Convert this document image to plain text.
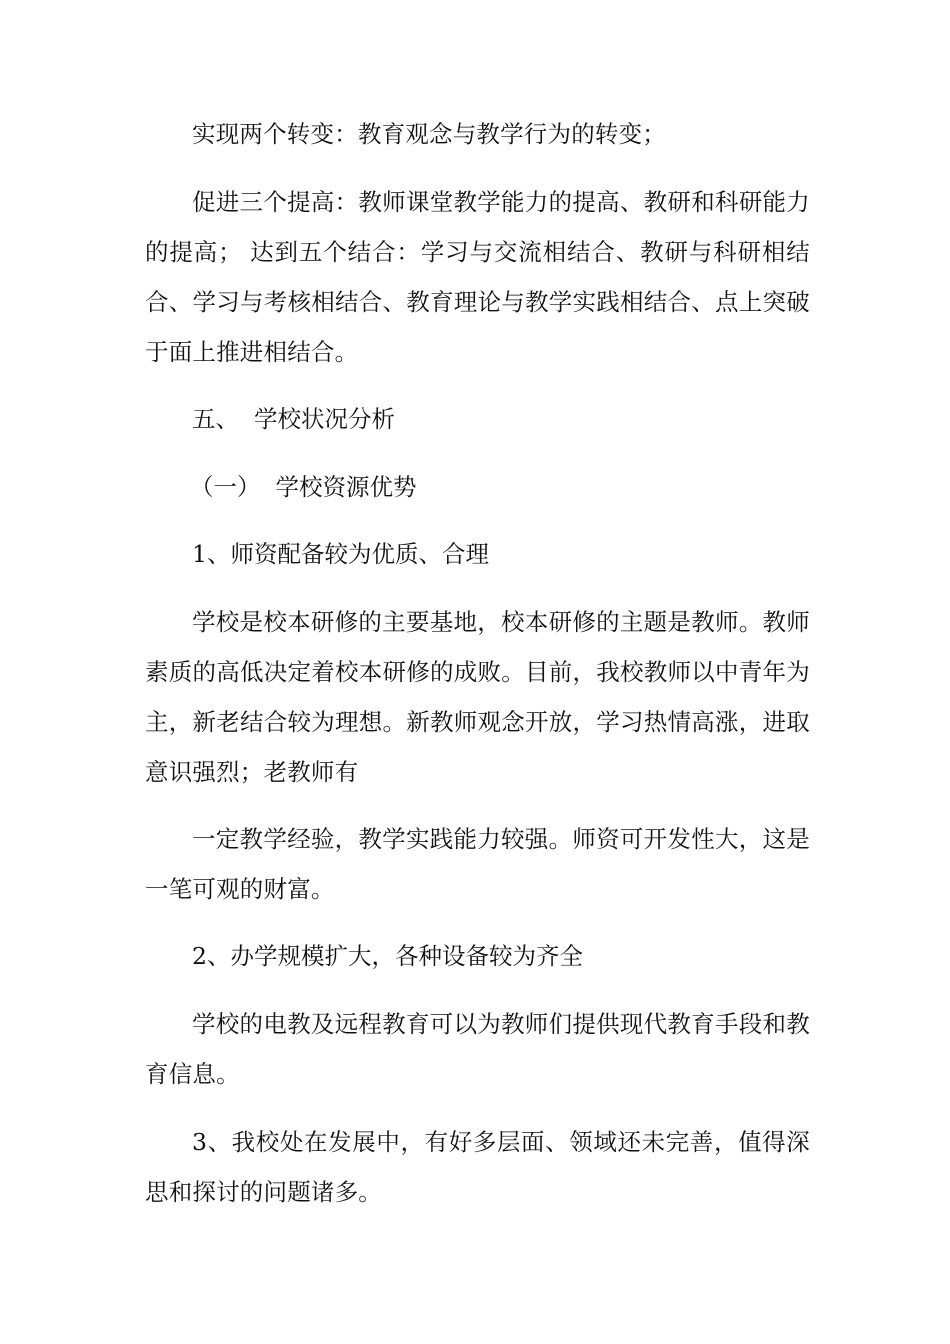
实现两个转变：教育观念与教学行为的转变；

促进三个提高：教师课堂教学能力的提高、教研和科研能力的提高； 达到五个结合：学习与交流相结合、教研与科研相结合、学习与考核相结合、教育理论与教学实践相结合、点上突破于面上推进相结合。

五、  学校状况分析

（一）  学校资源优势

1、师资配备较为优质、合理

学校是校本研修的主要基地，校本研修的主题是教师。教师素质的高低决定着校本研修的成败。目前，我校教师以中青年为主，新老结合较为理想。新教师观念开放，学习热情高涨，进取意识强烈；老教师有

一定教学经验，教学实践能力较强。师资可开发性大，这是一笔可观的财富。

2、办学规模扩大，各种设备较为齐全

学校的电教及远程教育可以为教师们提供现代教育手段和教育信息。

3、我校处在发展中，有好多层面、领域还未完善，值得深思和探讨的问题诸多。
